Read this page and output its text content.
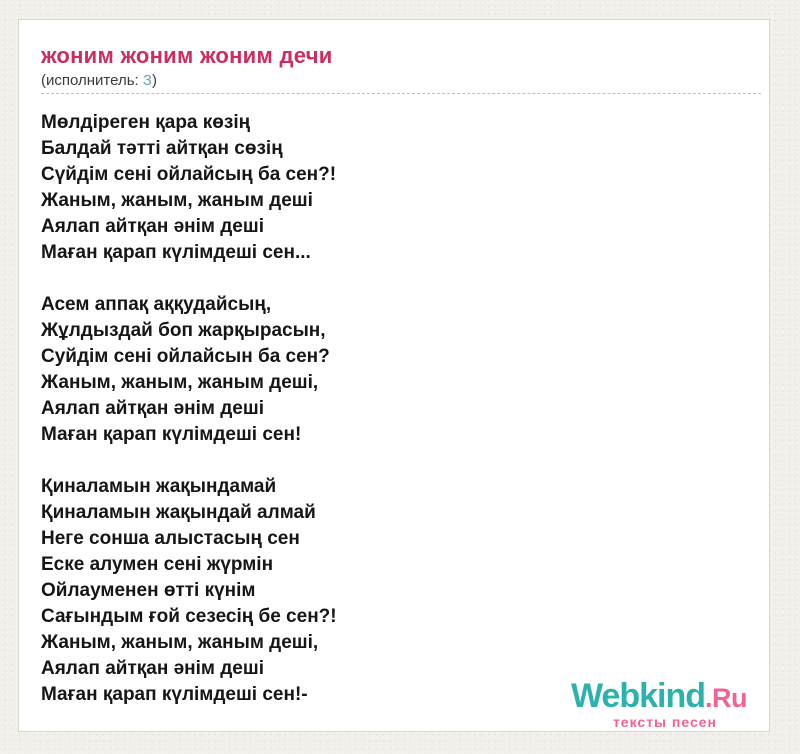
жоним жоним жоним дечи
(исполнитель: З)
Мөлдіреген қара көзің
Балдай тәтті айтқан сөзің
Сүйдім сені ойлайсың ба сен?!
Жаным, жаным, жаным деші
Аялап айтқан әнім деші
Маған қарап күлімдеші сен...
Асем аппақ аққудайсың,
Жұлдыздай боп жарқырасын,
Суйдім сені ойлайсын ба сен?
Жаным, жаным, жаным деші,
Аялап айтқан әнім деші
Маған қарап күлімдеші сен!
Қиналамын жақындамай
Қиналамын жақындай алмай
Неге сонша алыстасың сен
Еске алумен сені жүрмін
Ойлауменен өтті күнім
Сағындым ғой сезесің бе сен?!
Жаным, жаным, жаным деші,
Аялап айтқан әнім деші
Маған қарап күлімдеші сен!-	Webkind.Ru
тексты песен
